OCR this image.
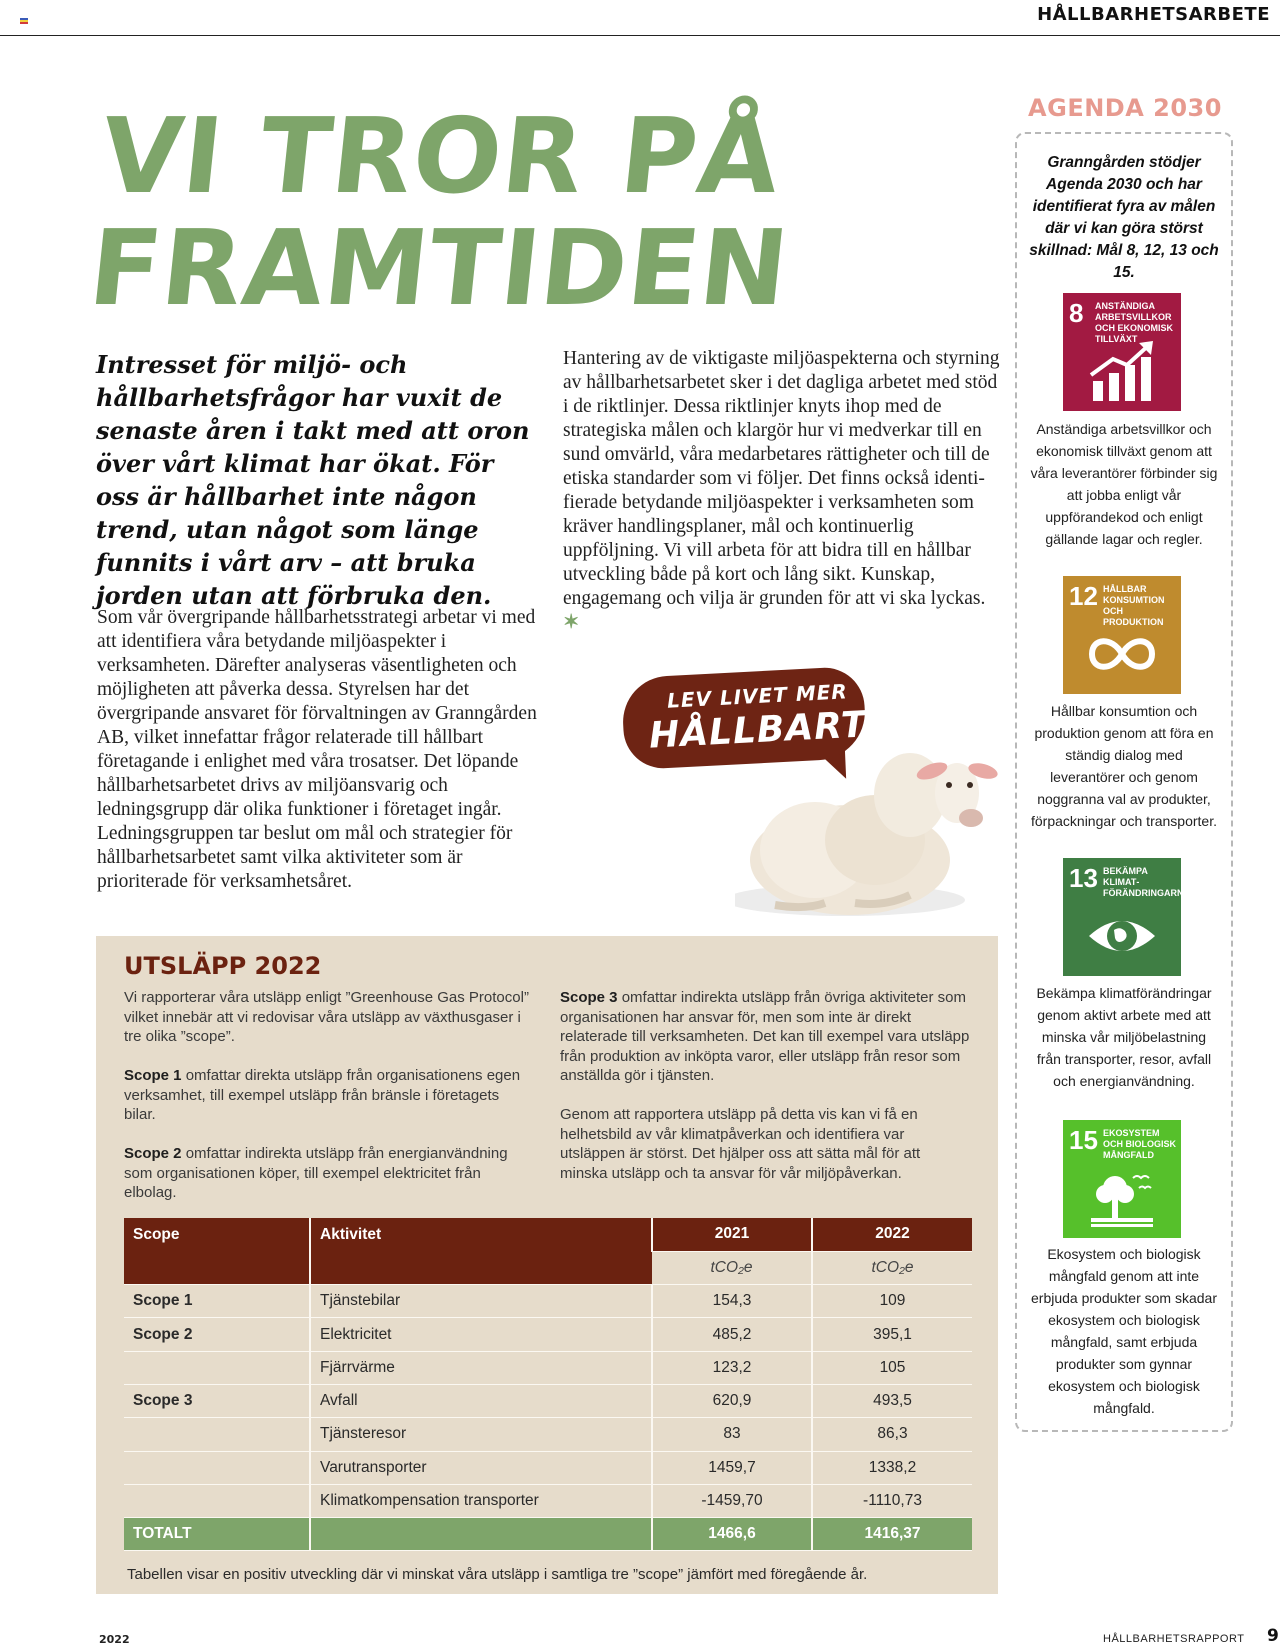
HÅLLBARHETSARBETE
VI TROR PÅ
FRAMTIDEN
Intresset för miljö- och hållbarhetsfrågor har vuxit de senaste åren i takt med att oron över vårt klimat har ökat. För oss är hållbarhet inte någon trend, utan något som länge funnits i vårt arv – att bruka jorden utan att förbruka den.
Som vår övergripande hållbarhetsstrategi arbetar vi med att identifiera våra betydande miljöaspekter i verksamheten. Därefter analyseras väsentligheten och möjligheten att påverka dessa. Styrelsen har det övergripande ansvaret för förvaltningen av Granngården AB, vilket innefattar frågor relaterade till hållbart företagande i enlighet med våra trosatser. Det löpande hållbarhetsarbetet drivs av miljöansvarig och ledningsgrupp där olika funktioner i företaget ingår. Ledningsgruppen tar beslut om mål och strategier för hållbarhetsarbetet samt vilka aktiviteter som är prioriterade för verksamhetsåret.
Hantering av de viktigaste miljöaspekterna och styrning av hållbarhetsarbetet sker i det dagliga arbetet med stöd i de riktlinjer. Dessa riktlinjer knyts ihop med de strategiska målen och klargör hur vi medverkar till en sund omvärld, våra medarbetares rättigheter och till de etiska standarder som vi följer. Det finns också identifierade betydande miljöaspekter i verksamheten som kräver handlingsplaner, mål och kontinuerlig uppföljning. Vi vill arbeta för att bidra till en hållbar utveckling både på kort och lång sikt. Kunskap, engagemang och vilja är grunden för att vi ska lyckas. ✶
LEV LIVET MER
HÅLLBART
AGENDA 2030
Granngården stödjer Agenda 2030 och har identifierat fyra av målen där vi kan göra störst skillnad: Mål 8, 12, 13 och 15.
8 ANSTÄNDIGA ARBETSVILLKOR OCH EKONOMISK TILLVÄXT
Anständiga arbetsvillkor och ekonomisk tillväxt genom att våra leverantörer förbinder sig att jobba enligt vår uppförandekod och enligt gällande lagar och regler.
12 HÅLLBAR KONSUMTION OCH PRODUKTION
Hållbar konsumtion och produktion genom att föra en ständig dialog med leverantörer och genom noggranna val av produkter, förpackningar och transporter.
13 BEKÄMPA KLIMATFÖRÄNDRINGARNA
Bekämpa klimatförändringar genom aktivt arbete med att minska vår miljöbelastning från transporter, resor, avfall och energianvändning.
15 EKOSYSTEM OCH BIOLOGISK MÅNGFALD
Ekosystem och biologisk mångfald genom att inte erbjuda produkter som skadar ekosystem och biologisk mångfald, samt erbjuda produkter som gynnar ekosystem och biologisk mångfald.
UTSLÄPP 2022

Vi rapporterar våra utsläpp enligt ”Greenhouse Gas Protocol” vilket innebär att vi redovisar våra utsläpp av växthusgaser i tre olika ”scope”.

Scope 1 omfattar direkta utsläpp från organisationens egen verksamhet, till exempel utsläpp från bränsle i företagets bilar.

Scope 2 omfattar indirekta utsläpp från energianvändning som organisationen köper, till exempel elektricitet från elbolag.

Scope 3 omfattar indirekta utsläpp från övriga aktiviteter som organisationen har ansvar för, men som inte är direkt relaterade till verksamheten. Det kan till exempel vara utsläpp från produktion av inköpta varor, eller utsläpp från resor som anställda gör i tjänsten.

Genom att rapportera utsläpp på detta vis kan vi få en helhetsbild av vår klimatpåverkan och identifiera var utsläppen är störst. Det hjälper oss att sätta mål för att minska utsläpp och ta ansvar för vår miljöpåverkan.

Scope	Aktivitet	2021	2022
		tCO₂e	tCO₂e
Scope 1	Tjänstebilar	154,3	109
Scope 2	Elektricitet	485,2	395,1
	Fjärrvärme	123,2	105
Scope 3	Avfall	620,9	493,5
	Tjänsteresor	83	86,3
	Varutransporter	1459,7	1338,2
	Klimatkompensation transporter	-1459,70	-1110,73
TOTALT		1466,6	1416,37
Tabellen visar en positiv utveckling där vi minskat våra utsläpp i samtliga tre ”scope” jämfört med föregående år.
2022	HÅLLBARHETSRAPPORT 9
